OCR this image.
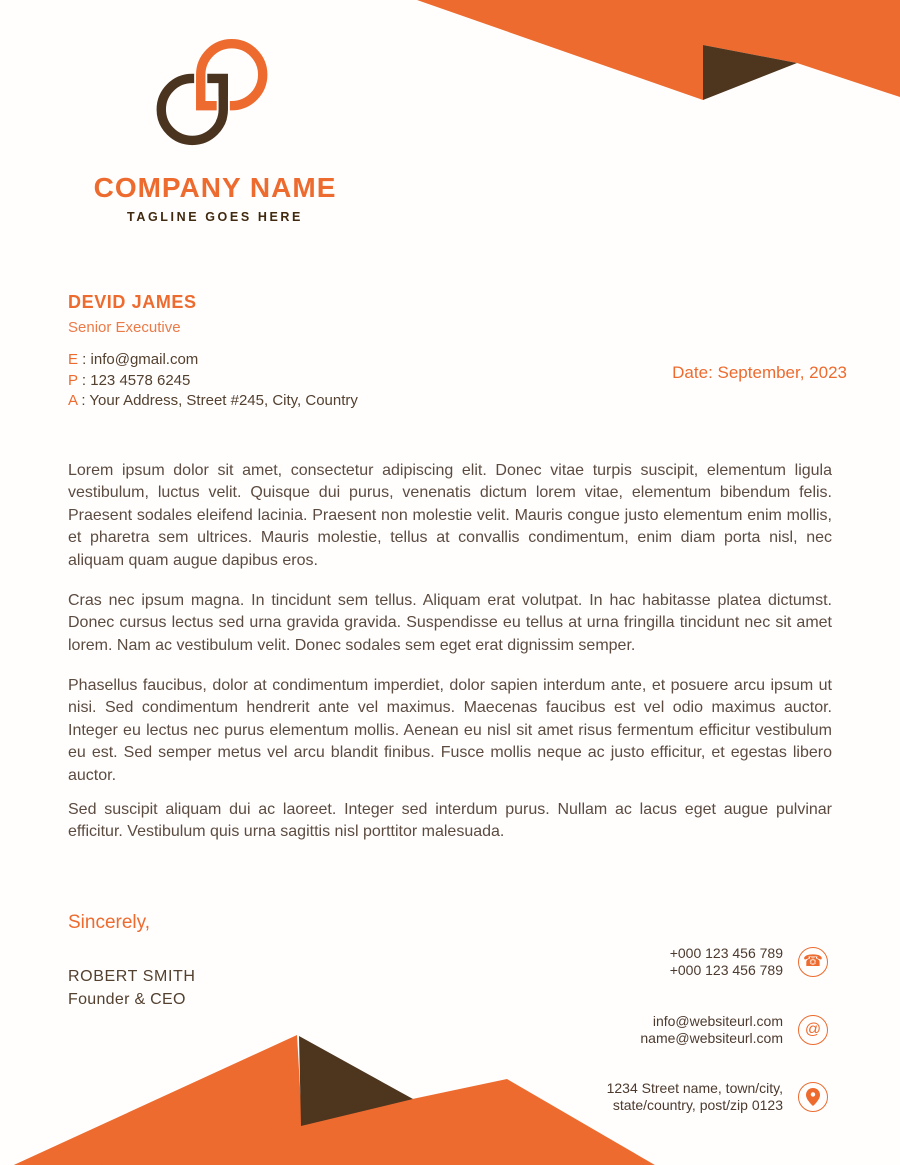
COMPANY NAME
TAGLINE GOES HERE
DEVID JAMES
Senior Executive
E : info@gmail.com
P : 123 4578 6245
A : Your Address, Street #245, City, Country
Date: September, 2023

Lorem ipsum dolor sit amet, consectetur adipiscing elit. Donec vitae turpis suscipit, elementum ligula vestibulum, luctus velit. Quisque dui purus, venenatis dictum lorem vitae, elementum bibendum felis. Praesent sodales eleifend lacinia. Praesent non molestie velit. Mauris congue justo elementum enim mollis, et pharetra sem ultrices. Mauris molestie, tellus at convallis condimentum, enim diam porta nisl, nec aliquam quam augue dapibus eros.

Cras nec ipsum magna. In tincidunt sem tellus. Aliquam erat volutpat. In hac habitasse platea dictumst. Donec cursus lectus sed urna gravida gravida. Suspendisse eu tellus at urna fringilla tincidunt nec sit amet lorem. Nam ac vestibulum velit. Donec sodales sem eget erat dignissim semper.

Phasellus faucibus, dolor at condimentum imperdiet, dolor sapien interdum ante, et posuere arcu ipsum ut nisi. Sed condimentum hendrerit ante vel maximus. Maecenas faucibus est vel odio maximus auctor. Integer eu lectus nec purus elementum mollis. Aenean eu nisl sit amet risus fermentum efficitur vestibulum eu est. Sed semper metus vel arcu blandit finibus. Fusce mollis neque ac justo efficitur, et egestas libero auctor.

Sed suscipit aliquam dui ac laoreet. Integer sed interdum purus. Nullam ac lacus eget augue pulvinar efficitur. Vestibulum quis urna sagittis nisl porttitor malesuada.

Sincerely,
ROBERT SMITH
Founder & CEO
+000 123 456 789
+000 123 456 789 ☎
info@websiteurl.com
name@websiteurl.com @
1234 Street name, town/city,
state/country, post/zip 0123
